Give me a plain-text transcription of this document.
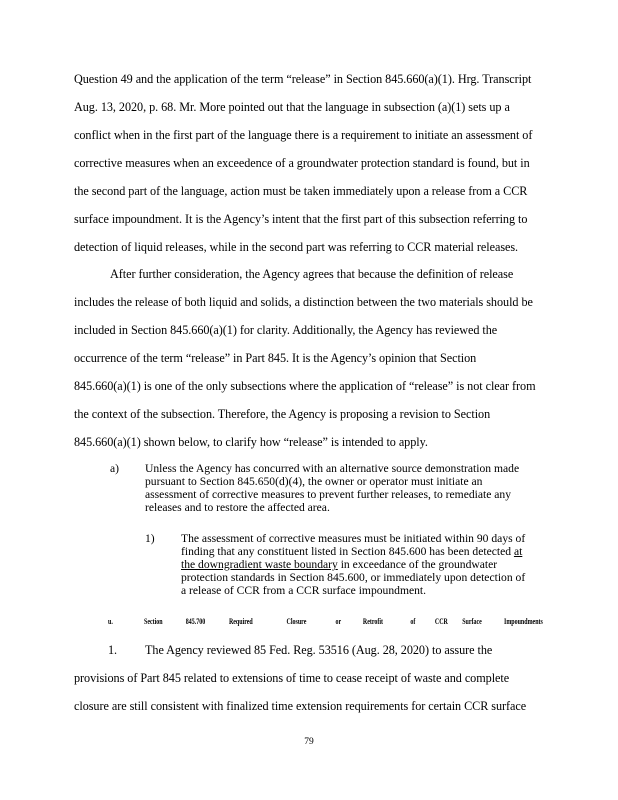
Question 49 and the application of the term “release” in Section 845.660(a)(1). Hrg. Transcript
Aug. 13, 2020, p. 68. Mr. More pointed out that the language in subsection (a)(1) sets up a
conflict when in the first part of the language there is a requirement to initiate an assessment of
corrective measures when an exceedence of a groundwater protection standard is found, but in
the second part of the language, action must be taken immediately upon a release from a CCR
surface impoundment. It is the Agency’s intent that the first part of this subsection referring to
detection of liquid releases, while in the second part was referring to CCR material releases.
After further consideration, the Agency agrees that because the definition of release
includes the release of both liquid and solids, a distinction between the two materials should be
included in Section 845.660(a)(1) for clarity. Additionally, the Agency has reviewed the
occurrence of the term “release” in Part 845. It is the Agency’s opinion that Section
845.660(a)(1) is one of the only subsections where the application of “release” is not clear from
the context of the subsection. Therefore, the Agency is proposing a revision to Section
845.660(a)(1) shown below, to clarify how “release” is intended to apply.
a) Unless the Agency has concurred with an alternative source demonstration made
pursuant to Section 845.650(d)(4), the owner or operator must initiate an
assessment of corrective measures to prevent further releases, to remediate any
releases and to restore the affected area.
1) The assessment of corrective measures must be initiated within 90 days of
finding that any constituent listed in Section 845.600 has been detected at
the downgradient waste boundary in exceedance of the groundwater
protection standards in Section 845.600, or immediately upon detection of
a release of CCR from a CCR surface impoundment.
u.	Section	845.700	Required	Closure	or	Retrofit	of CCR Surface	Impoundments
1. The Agency reviewed 85 Fed. Reg. 53516 (Aug. 28, 2020) to assure the
provisions of Part 845 related to extensions of time to cease receipt of waste and complete
closure are still consistent with finalized time extension requirements for certain CCR surface
79
